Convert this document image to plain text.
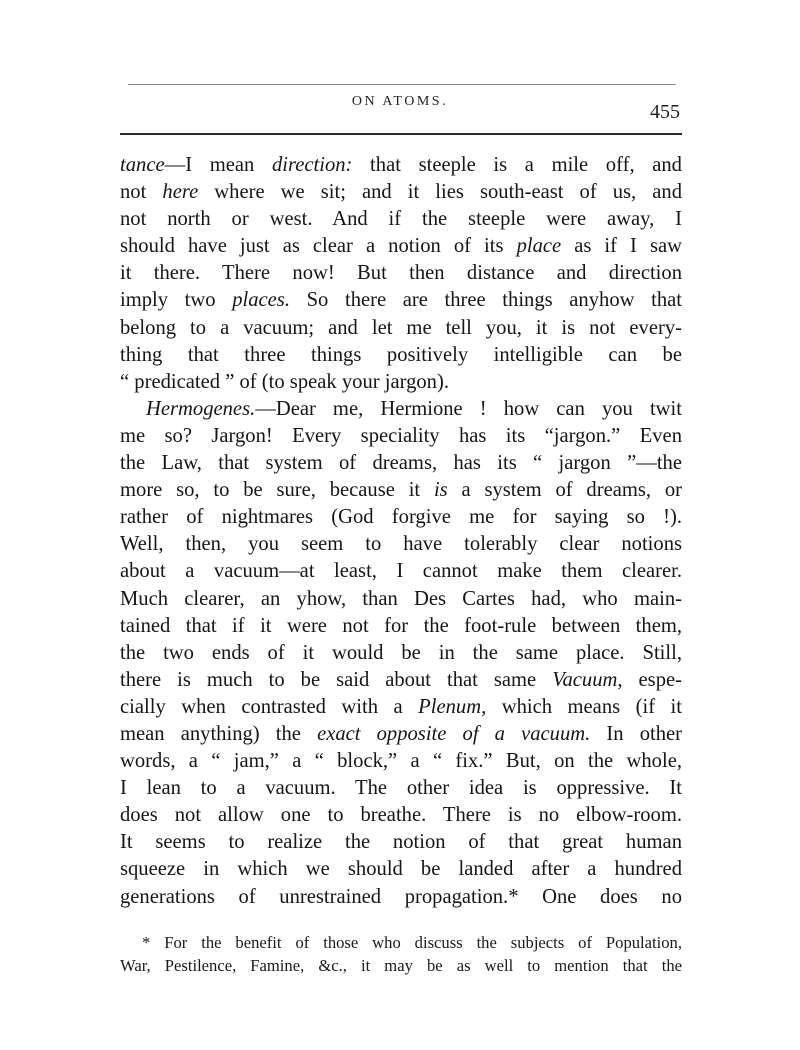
ON ATOMS.	455
tance—I mean direction: that steeple is a mile off, and
not here where we sit; and it lies south-east of us, and
not north or west. And if the steeple were away, I
should have just as clear a notion of its place as if I saw
it there. There now! But then distance and direction
imply two places. So there are three things anyhow that
belong to a vacuum; and let me tell you, it is not every-
thing that three things positively intelligible can be
“ predicated ” of (to speak your jargon).
Hermogenes.—Dear me, Hermione ! how can you twit
me so? Jargon! Every speciality has its “jargon.” Even
the Law, that system of dreams, has its “ jargon ”—the
more so, to be sure, because it is a system of dreams, or
rather of nightmares (God forgive me for saying so !).
Well, then, you seem to have tolerably clear notions
about a vacuum—at least, I cannot make them clearer.
Much clearer, an yhow, than Des Cartes had, who main-
tained that if it were not for the foot-rule between them,
the two ends of it would be in the same place. Still,
there is much to be said about that same Vacuum, espe-
cially when contrasted with a Plenum, which means (if it
mean anything) the exact opposite of a vacuum. In other
words, a “ jam,” a “ block,” a “ fix.” But, on the whole,
I lean to a vacuum. The other idea is oppressive. It
does not allow one to breathe. There is no elbow-room.
It seems to realize the notion of that great human
squeeze in which we should be landed after a hundred
generations of unrestrained propagation.* One does no
* For the benefit of those who discuss the subjects of Population,
War, Pestilence, Famine, &c., it may be as well to mention that the
